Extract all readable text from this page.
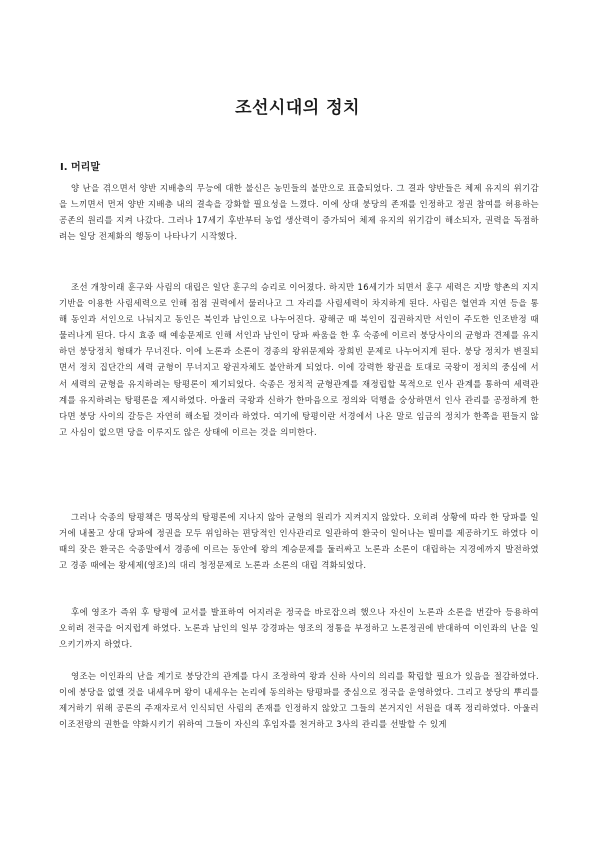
조선시대의 정치
Ⅰ. 머리말

양 난을 겪으면서 양반 지배층의 무능에 대한 불신은 농민들의 불만으로 표출되었다. 그 결과 양반들은 체제 유지의 위기감을 느끼면서 먼저 양반 지배층 내의 결속을 강화할 필요성을 느꼈다. 이에 상대 붕당의 존재를 인정하고 정권 참여를 허용하는 공존의 원리를 지켜 나갔다. 그러나 17세기 후반부터 농업 생산력이 증가되어 체제 유지의 위기감이 해소되자, 권력을 독점하려는 일당 전제화의 행동이 나타나기 시작했다.

조선 개창이래 훈구와 사림의 대립은 일단 훈구의 승리로 이어졌다. 하지만 16세기가 되면서 훈구 세력은 지방 향촌의 지지기반을 이용한 사림세력으로 인해 점점 권력에서 물러나고 그 자리를 사림세력이 차지하게 된다. 사림은 혈연과 지연 등을 통해 동인과 서인으로 나눠지고 동인은 북인과 남인으로 나누어진다. 광해군 때 북인이 집권하지만 서인이 주도한 인조반정 때 물러나게 된다. 다시 효종 때 예송문제로 인해 서인과 남인이 당파 싸움을 한 후 숙종에 이르러 붕당사이의 균형과 견제를 유지하던 붕당정치 형태가 무너진다. 이에 노론과 소론이 경종의 왕위문제와 장희빈 문제로 나누어지게 된다. 붕당 정치가 변질되면서 정치 집단간의 세력 균형이 무너지고 왕권자체도 불안하게 되었다. 이에 강력한 왕권을 토대로 국왕이 정치의 중심에 서서 세력의 균형을 유지하려는 탕평론이 제기되었다. 숙종은 정치적 균형관계를 재정립할 목적으로 인사 관계를 통하여 세력관계를 유지하려는 탕평론을 제시하였다. 아울러 국왕과 신하가 한마음으로 정의와 덕행을 숭상하면서 인사 관리를 공정하게 한다면 붕당 사이의 갈등은 자연히 해소될 것이라 하였다. 여기에 탕평이란 서경에서 나온 말로 임금의 정치가 한쪽을 편들지 않고 사심이 없으면 당을 이루지도 않은 상태에 이르는 것을 의미한다.

그러나 숙종의 탕평책은 명목상의 탕평론에 지나지 않아 균형의 원리가 지켜지지 않았다. 오히려 상황에 따라 한 당파를 일거에 내몰고 상대 당파에 정권을 모두 위임하는 편당적인 인사관리로 일관하여 환국이 일어나는 빌미를 제공하기도 하였다 이때의 잦은 환국은 숙종말에서 경종에 이르는 동안에 왕의 계승문제를 둘러싸고 노론과 소론이 대립하는 지경에까지 발전하였고 경종 때에는 왕세제(영조)의 대리 청정문제로 노론과 소론의 대립 격화되었다.

후에 영조가 즉위 후 탕평에 교서를 발표하여 어지러운 정국을 바로잡으려 했으나 자신이 노론과 소론을 번갈아 등용하여 오히려 전국을 어지럽게 하였다. 노론과 남인의 일부 강경파는 영조의 정통을 부정하고 노론정권에 반대하여 이인좌의 난을 일으키기까지 하였다.

영조는 이인좌의 난을 계기로 붕당간의 관계를 다시 조정하여 왕과 신하 사이의 의리를 확립할 필요가 있음을 절감하였다. 이에 붕당을 없앨 것을 내세우며 왕이 내세우는 논리에 동의하는 탕평파를 중심으로 정국을 운영하였다. 그리고 붕당의 뿌리를 제거하기 위해 공론의 주재자로서 인식되던 사림의 존재를 인정하지 않았고 그들의 본거지인 서원을 대폭 정리하였다. 아울러 이조전랑의 권한을 약화시키기 위하여 그들이 자신의 후임자를 천거하고 3사의 관리를 선발할 수 있게
